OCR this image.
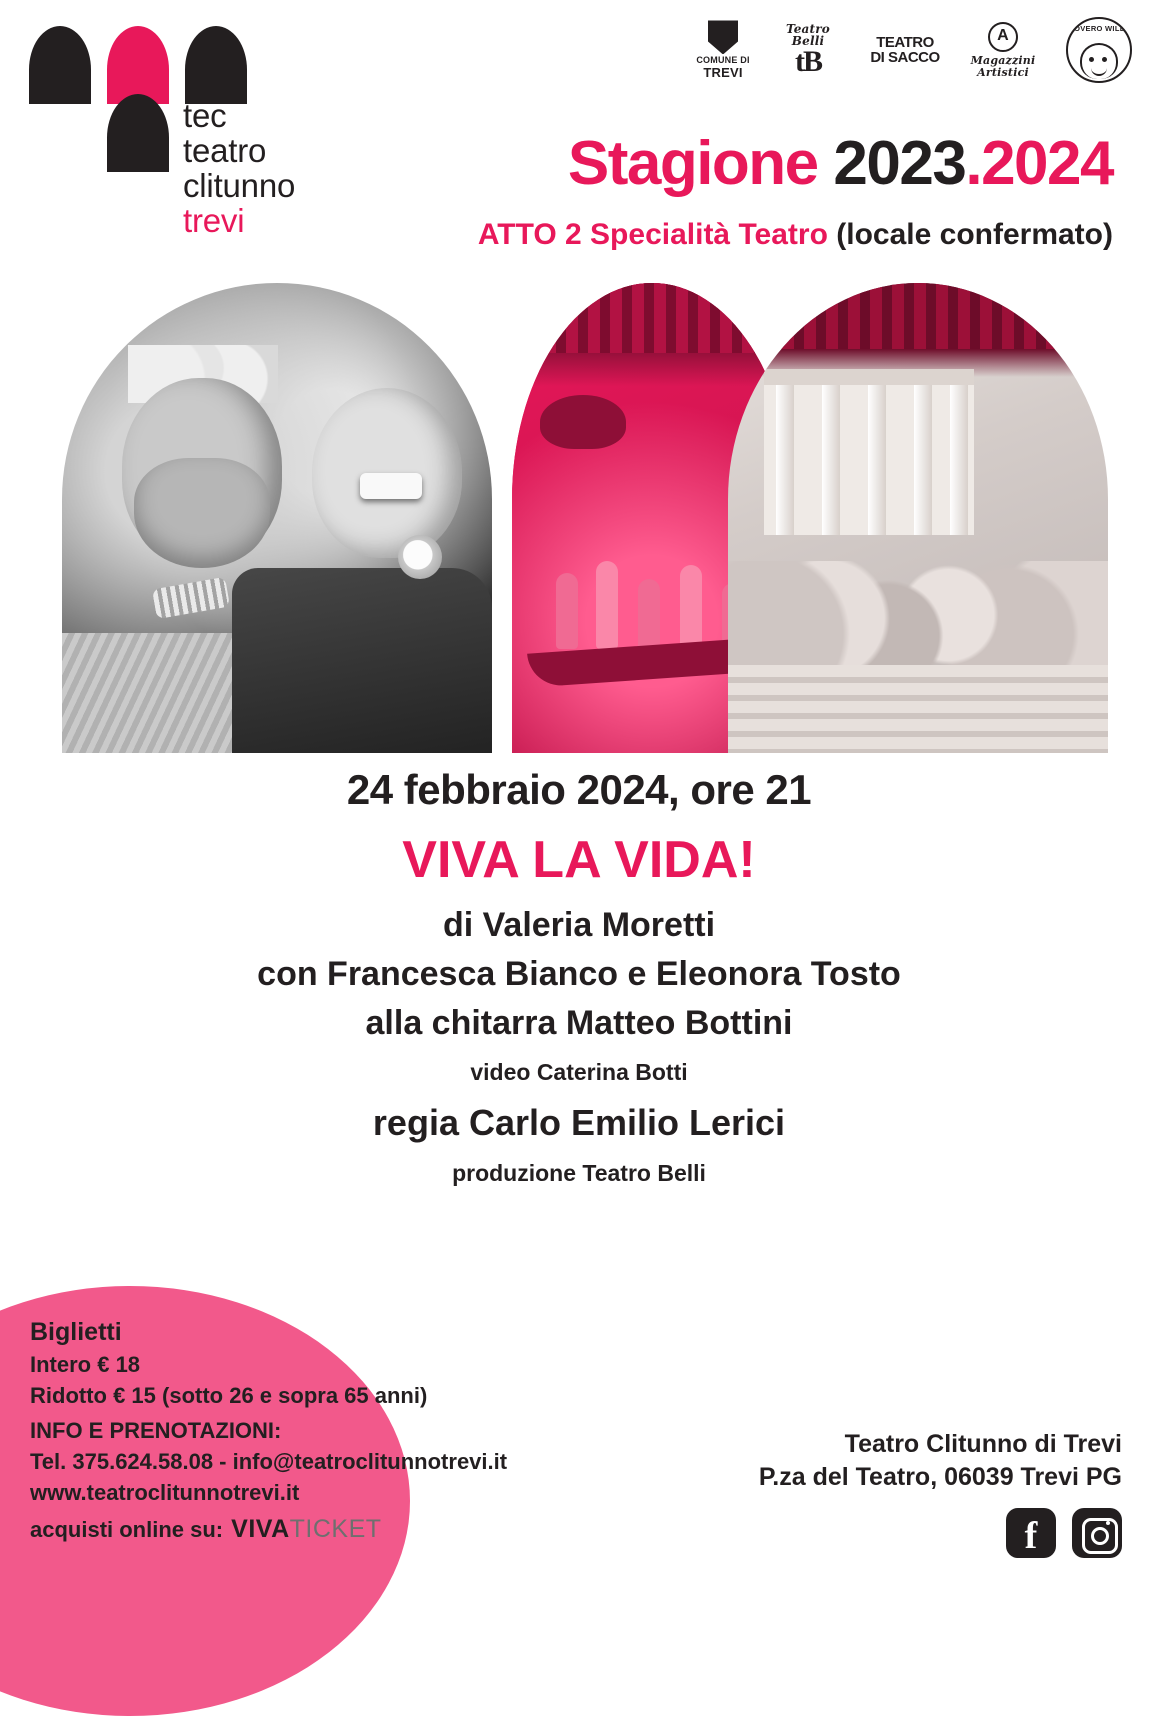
tec
teatro
clitunno
trevi
COMUNE DI
TREVI
Teatro Belli
tB
TEATRO
DI SACCO
A
Magazzini
Artistici
POVERO WILLY
Stagione 2023.2024
ATTO 2 Specialità Teatro (locale confermato)
24 febbraio 2024, ore 21
VIVA LA VIDA!
di Valeria Moretti
con Francesca Bianco e Eleonora Tosto
alla chitarra Matteo Bottini
video Caterina Botti
regia Carlo Emilio Lerici
produzione Teatro Belli
Biglietti
Intero € 18
Ridotto € 15 (sotto 26 e sopra 65 anni)
INFO E PRENOTAZIONI:
Tel. 375.624.58.08 - info@teatroclitunnotrevi.it
www.teatroclitunnotrevi.it
acquisti online su: VIVATICKET
Teatro Clitunno di Trevi
P.za del Teatro, 06039 Trevi PG
f
